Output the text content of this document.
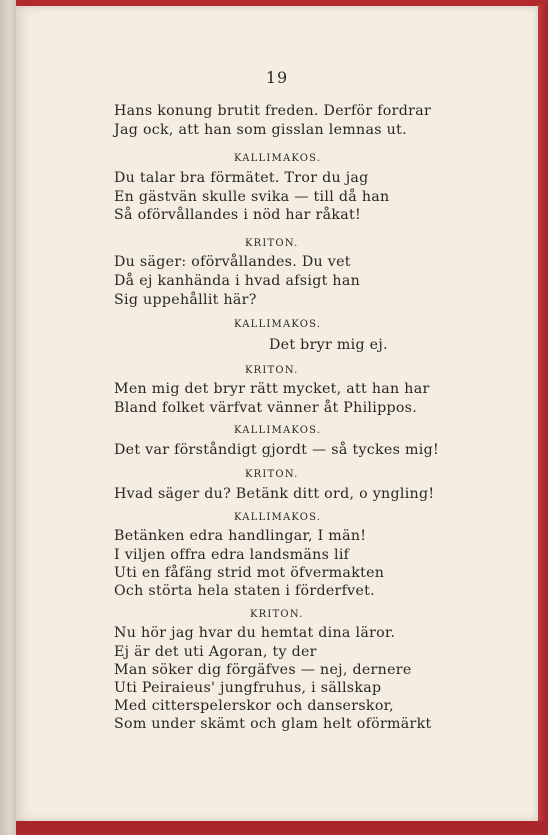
19
Hans konung brutit freden. Derför fordrar
Jag ock, att han som gisslan lemnas ut.
KALLIMAKOS.
Du talar bra förmätet. Tror du jag
En gästvän skulle svika — till då han
Så oförvållandes i nöd har råkat!
KRITON.
Du säger: oförvållandes. Du vet
Då ej kanhända i hvad afsigt han
Sig uppehållit här?
KALLIMAKOS.
Det bryr mig ej.
KRITON.
Men mig det bryr rätt mycket, att han har
Bland folket värfvat vänner åt Philippos.
KALLIMAKOS.
Det var förståndigt gjordt — så tyckes mig!
KRITON.
Hvad säger du? Betänk ditt ord, o yngling!
KALLIMAKOS.
Betänken edra handlingar, I män!
I viljen offra edra landsmäns lif
Uti en fåfäng strid mot öfvermakten
Och störta hela staten i förderfvet.
KRITON.
Nu hör jag hvar du hemtat dina läror.
Ej är det uti Agoran, ty der
Man söker dig förgäfves — nej, dernere
Uti Peiraieus' jungfruhus, i sällskap
Med citterspelerskor och danserskor,
Som under skämt och glam helt oförmärkt
